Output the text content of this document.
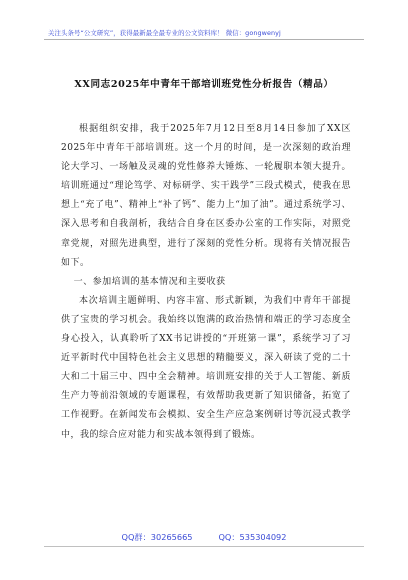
关注头条号“公文研究”，获得最新最全最专业的公文资料库！ 微信：gongwenyj
XX同志2025年中青年干部培训班党性分析报告（精品）

根据组织安排，我于2025年7月12日至8月14日参加了XX区2025年中青年干部培训班。这一个月的时间，是一次深刻的政治理论大学习、一场触及灵魂的党性修养大锤炼、一轮履职本领大提升。培训班通过“理论笃学、对标研学、实干践学”三段式模式，使我在思想上“充了电”、精神上“补了钙”、能力上“加了油”。通过系统学习、深入思考和自我剖析，我结合自身在区委办公室的工作实际，对照党章党规，对照先进典型，进行了深刻的党性分析。现将有关情况报告如下。

一、参加培训的基本情况和主要收获

本次培训主题鲜明、内容丰富、形式新颖，为我们中青年干部提供了宝贵的学习机会。我始终以饱满的政治热情和端正的学习态度全身心投入，认真聆听了XX书记讲授的“开班第一课”，系统学习了习近平新时代中国特色社会主义思想的精髓要义，深入研读了党的二十大和二十届三中、四中全会精神。培训班安排的关于人工智能、新质生产力等前沿领域的专题课程，有效帮助我更新了知识储备，拓宽了工作视野。在新闻发布会模拟、安全生产应急案例研讨等沉浸式教学中，我的综合应对能力和实战本领得到了锻炼。

QQ群：30265665	QQ：535304092
